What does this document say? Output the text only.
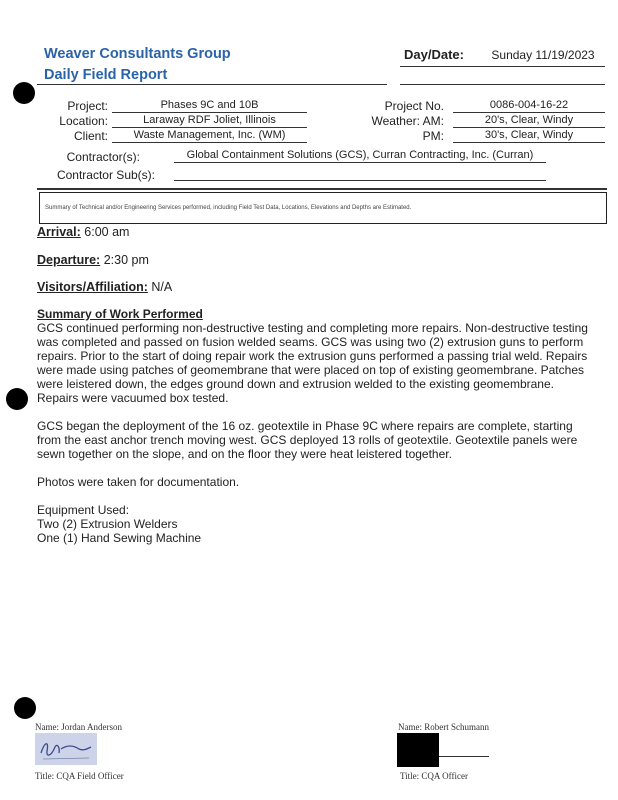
Weaver Consultants Group
Daily Field Report
Day/Date:	Sunday 11/19/2023
Project:	Phases 9C and 10B
Location:	Laraway RDF Joliet, Illinois
Client:	Waste Management, Inc. (WM)
Project No.	0086-004-16-22
Weather: AM:	20's, Clear, Windy
PM:	30's, Clear, Windy
Contractor(s):	Global Containment Solutions (GCS), Curran Contracting, Inc. (Curran)
Contractor Sub(s):
Summary of Technical and/or Engineering Services performed, including Field Test Data, Locations, Elevations and Depths are Estimated.
Arrival: 6:00 am
Departure: 2:30 pm
Visitors/Affiliation: N/A
Summary of Work Performed
GCS continued performing non-destructive testing and completing more repairs. Non-destructive testing was completed and passed on fusion welded seams. GCS was using two (2) extrusion guns to perform repairs. Prior to the start of doing repair work the extrusion guns performed a passing trial weld. Repairs were made using patches of geomembrane that were placed on top of existing geomembrane. Patches were leistered down, the edges ground down and extrusion welded to the existing geomembrane. Repairs were vacuumed box tested.
GCS began the deployment of the 16 oz. geotextile in Phase 9C where repairs are complete, starting from the east anchor trench moving west. GCS deployed 13 rolls of geotextile. Geotextile panels were sewn together on the slope, and on the floor they were heat leistered together.
Photos were taken for documentation.
Equipment Used:
Two (2) Extrusion Welders
One (1) Hand Sewing Machine
Name: Jordan Anderson
Title: CQA Field Officer
Name: Robert Schumann
Title: CQA Officer
